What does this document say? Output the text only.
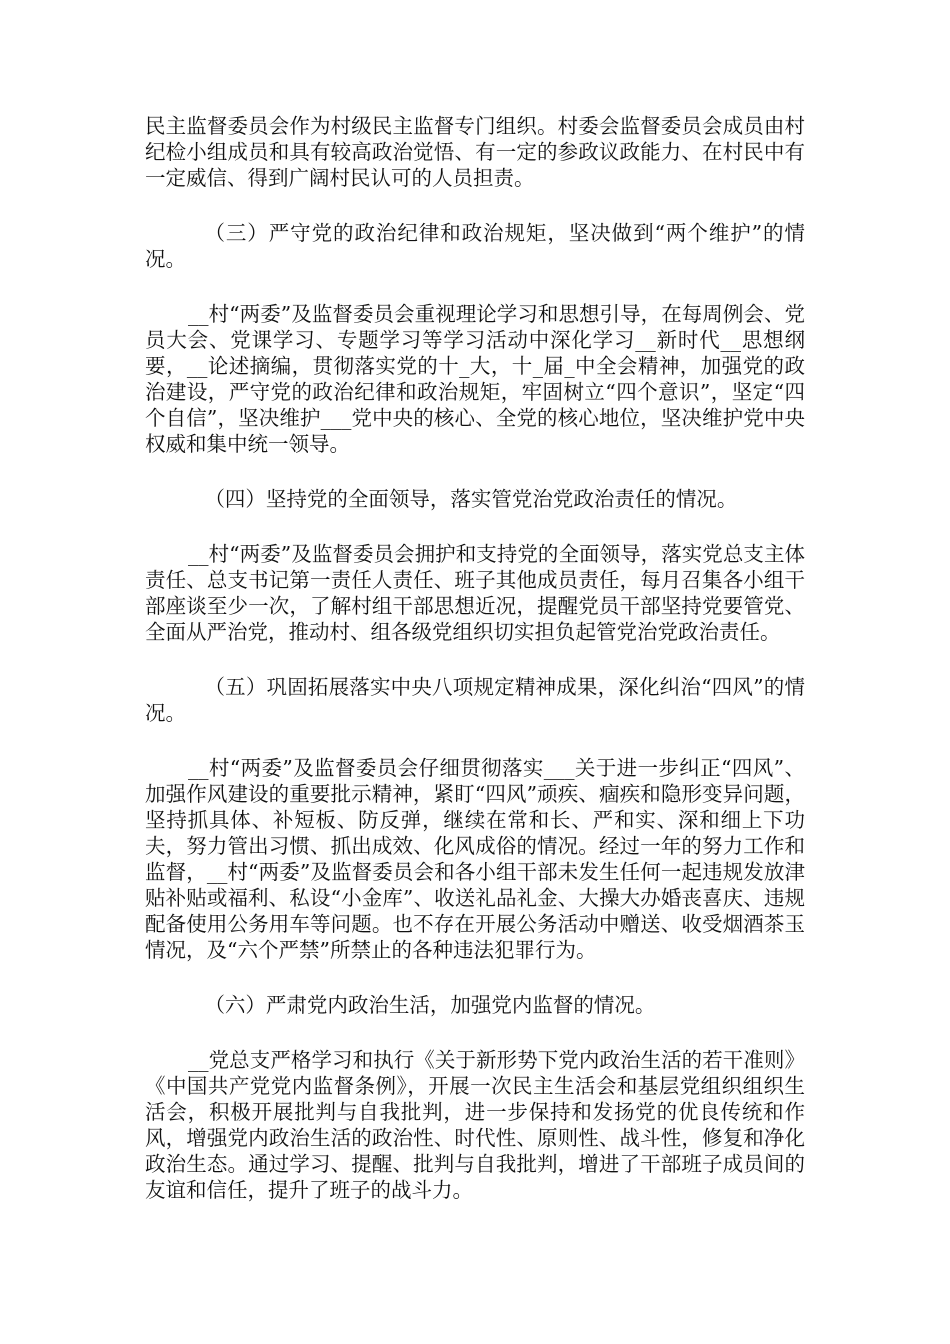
民主监督委员会作为村级民主监督专门组织。村委会监督委员会成员由村纪检小组成员和具有较高政治觉悟、有一定的参政议政能力、在村民中有一定威信、得到广阔村民认可的人员担责。

（三）严守党的政治纪律和政治规矩，坚决做到“两个维护”的情况。

__村“两委”及监督委员会重视理论学习和思想引导，在每周例会、党员大会、党课学习、专题学习等学习活动中深化学习__新时代__思想纲要，__论述摘编，贯彻落实党的十_大，十_届_中全会精神，加强党的政治建设，严守党的政治纪律和政治规矩，牢固树立“四个意识”，坚定“四个自信”，坚决维护___党中央的核心、全党的核心地位，坚决维护党中央权威和集中统一领导。

（四）坚持党的全面领导，落实管党治党政治责任的情况。

__村“两委”及监督委员会拥护和支持党的全面领导，落实党总支主体责任、总支书记第一责任人责任、班子其他成员责任，每月召集各小组干部座谈至少一次，了解村组干部思想近况，提醒党员干部坚持党要管党、全面从严治党，推动村、组各级党组织切实担负起管党治党政治责任。

（五）巩固拓展落实中央八项规定精神成果，深化纠治“四风”的情况。

__村“两委”及监督委员会仔细贯彻落实___关于进一步纠正“四风”、加强作风建设的重要批示精神，紧盯“四风”顽疾、痼疾和隐形变异问题，坚持抓具体、补短板、防反弹，继续在常和长、严和实、深和细上下功夫，努力管出习惯、抓出成效、化风成俗的情况。经过一年的努力工作和监督，__村“两委”及监督委员会和各小组干部未发生任何一起违规发放津贴补贴或福利、私设“小金库”、收送礼品礼金、大操大办婚丧喜庆、违规配备使用公务用车等问题。也不存在开展公务活动中赠送、收受烟酒茶玉情况，及“六个严禁”所禁止的各种违法犯罪行为。

（六）严肃党内政治生活，加强党内监督的情况。

__党总支严格学习和执行《关于新形势下党内政治生活的若干准则》《中国共产党党内监督条例》，开展一次民主生活会和基层党组织组织生活会，积极开展批判与自我批判，进一步保持和发扬党的优良传统和作风，增强党内政治生活的政治性、时代性、原则性、战斗性，修复和净化政治生态。通过学习、提醒、批判与自我批判，增进了干部班子成员间的友谊和信任，提升了班子的战斗力。
